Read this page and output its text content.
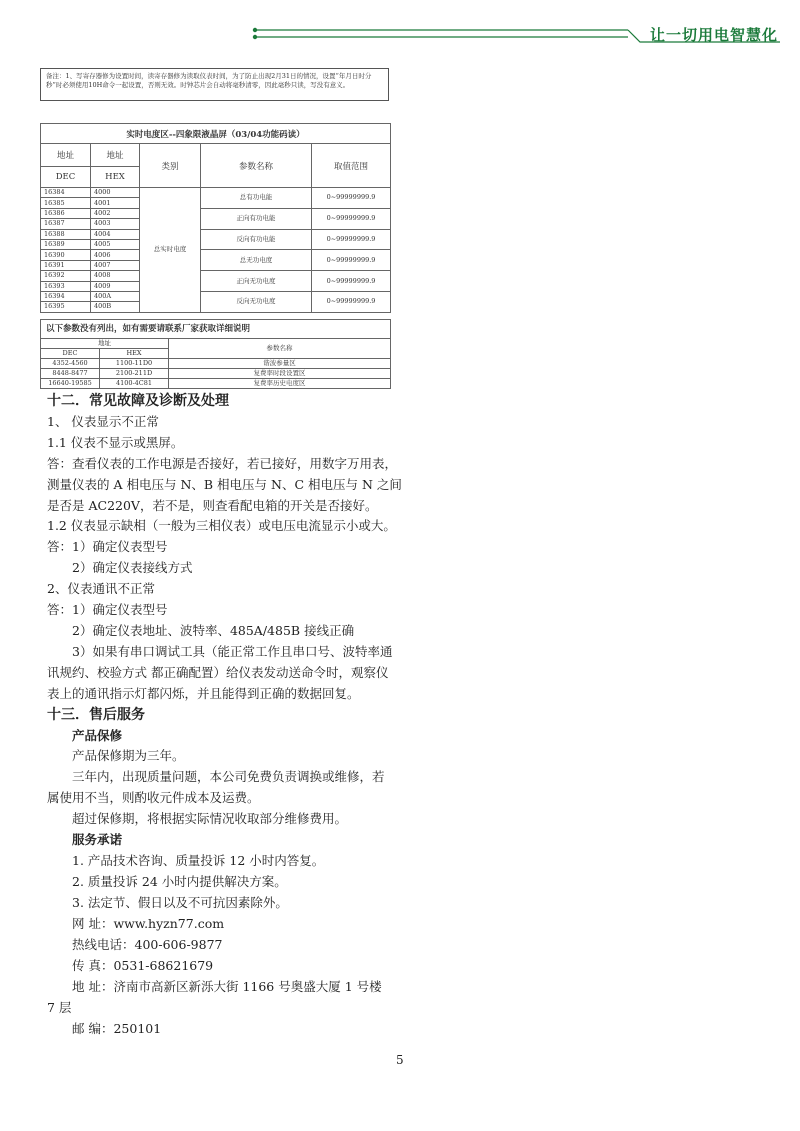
让一切用电智慧化
备注：1、写寄存器修为设置时间，读寄存器修为读取仪表时间，为了防止出现2月31日的情况，设置“年月日时分秒”时必须使用10H命令一起设置，否则无效。时钟芯片会自动将毫秒清零，因此毫秒只读，写没有意义。
实时电度区--四象限液晶屏（03/04功能码读）				
地址	地址	类别	参数名称	取值范围
DEC	HEX			
16384	4000	总实时电度	总有功电能	0~99999999.9
16385	4001			
16386	4002		正向有功电能	0~99999999.9
16387	4003			
16388	4004		反向有功电能	0~99999999.9
16389	4005			
16390	4006		总无功电度	0~99999999.9
16391	4007			
16392	4008		正向无功电度	0~99999999.9
16393	4009			
16394	400A		反向无功电度	0~99999999.9
16395	400B			
以下参数没有列出，如有需要请联系厂家获取详细说明		
地址		参数名称
DEC	HEX	
4352-4560	1100-11D0	谐波参量区
8448-8477	2100-211D	复费率时段设置区
16640-19585	4100-4C81	复费率历史电度区
十二．常见故障及诊断及处理
1、 仪表显示不正常
1.1 仪表不显示或黑屏。
答：查看仪表的工作电源是否接好，若已接好，用数字万用表，
测量仪表的 A 相电压与 N、B 相电压与 N、C 相电压与 N 之间
是否是 AC220V，若不是，则查看配电箱的开关是否接好。
1.2 仪表显示缺相（一般为三相仪表）或电压电流显示小或大。
答：1）确定仪表型号
2）确定仪表接线方式
2、仪表通讯不正常
答：1）确定仪表型号
2）确定仪表地址、波特率、485A/485B 接线正确
3）如果有串口调试工具（能正常工作且串口号、波特率通
讯规约、校验方式 都正确配置）给仪表发动送命令时，观察仪
表上的通讯指示灯都闪烁，并且能得到正确的数据回复。
十三．售后服务
产品保修
产品保修期为三年。
三年内，出现质量问题，本公司免费负责调换或维修，若
属使用不当，则酌收元件成本及运费。
超过保修期，将根据实际情况收取部分维修费用。
服务承诺
1. 产品技术咨询、质量投诉 12 小时内答复。
2. 质量投诉 24 小时内提供解决方案。
3. 法定节、假日以及不可抗因素除外。
网 址：www.hyzn77.com
热线电话：400-606-9877
传 真：0531-68621679
地 址：济南市高新区新泺大街 1166 号奥盛大厦 1 号楼
7 层
邮 编：250101
5
